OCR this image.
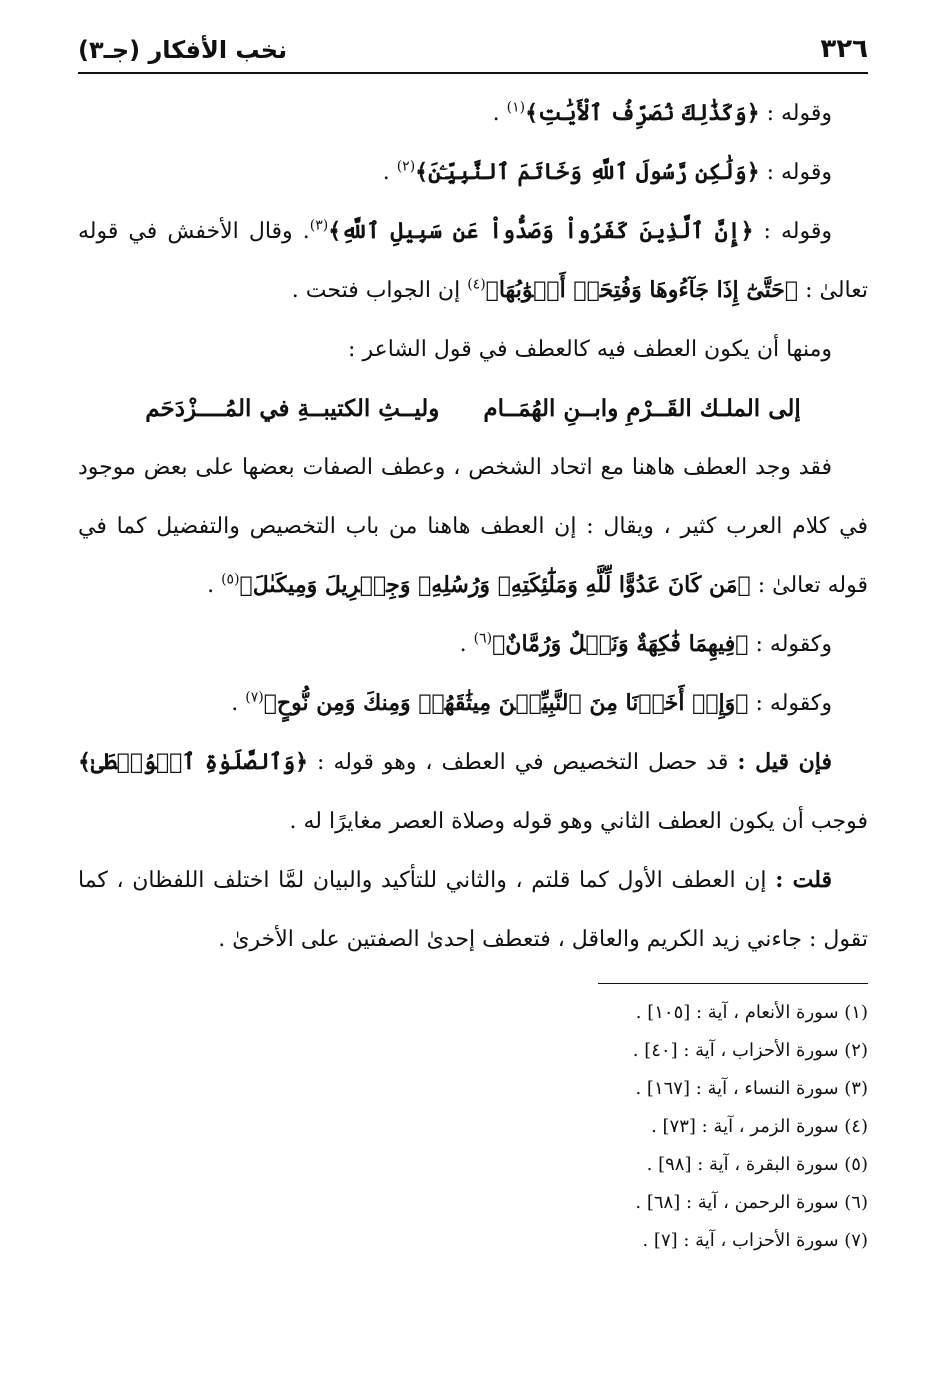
٣٢٦
نخب الأفكار (جـ٣)

وقوله : ﴿وَكَذَٰلِكَ نُصَرِّفُ ٱلْأَيَٰتِ﴾$^{(١)}$ .

وقوله : ﴿وَلَٰكِن رَّسُولَ ٱللَّهِ وَخَاتَمَ ٱلنَّبِيِّـۧنَ﴾$^{(٢)}$ .

وقوله : ﴿إِنَّ ٱلَّذِينَ كَفَرُواْ وَصَدُّواْ عَن سَبِيلِ ٱللَّهِ﴾$^{(٣)}$. وقال الأخفش في قوله تعالىٰ : ﴿حَتَّىٰٓ إِذَا جَآءُوهَا وَفُتِحَتۡ أَبۡوَٰبُهَا﴾$^{(٤)}$ إن الجواب فتحت .

ومنها أن يكون العطف فيه كالعطف في قول الشاعر :

إلى الملـك القَــرْمِ وابــنِ الهُمَــام
وليــثِ الكتيبــةِ في المُــــزْدَحَم

فقد وجد العطف هاهنا مع اتحاد الشخص ، وعطف الصفات بعضها على بعض موجود في كلام العرب كثير ، ويقال : إن العطف هاهنا من باب التخصيص والتفضيل كما في قوله تعالىٰ : ﴿مَن كَانَ عَدُوًّا لِّلَّهِ وَمَلَٰٓئِكَتِهِۦ وَرُسُلِهِۦ وَجِبۡرِيلَ وَمِيكَىٰلَ﴾$^{(٥)}$ .

وكقوله : ﴿فِيهِمَا فَٰكِهَةٌ وَنَخۡلٌ وَرُمَّانٌ﴾$^{(٦)}$ .

وكقوله : ﴿وَإِذۡ أَخَذۡنَا مِنَ ٱلنَّبِيِّـۧنَ مِيثَٰقَهُمۡ وَمِنكَ وَمِن نُّوحٍ﴾$^{(٧)}$ .

فإن قيل : قد حصل التخصيص في العطف ، وهو قوله : ﴿وَٱلصَّلَوٰةِ ٱلۡوُسۡطَىٰ﴾ فوجب أن يكون العطف الثاني وهو قوله وصلاة العصر مغايرًا له .

قلت : إن العطف الأول كما قلتم ، والثاني للتأكيد والبيان لمَّا اختلف اللفظان ، كما تقول : جاءني زيد الكريم والعاقل ، فتعطف إحدىٰ الصفتين على الأخرىٰ .

(١) سورة الأنعام ، آية : [١٠٥] .
(٢) سورة الأحزاب ، آية : [٤٠] .
(٣) سورة النساء ، آية : [١٦٧] .
(٤) سورة الزمر ، آية : [٧٣] .
(٥) سورة البقرة ، آية : [٩٨] .
(٦) سورة الرحمن ، آية : [٦٨] .
(٧) سورة الأحزاب ، آية : [٧] .
